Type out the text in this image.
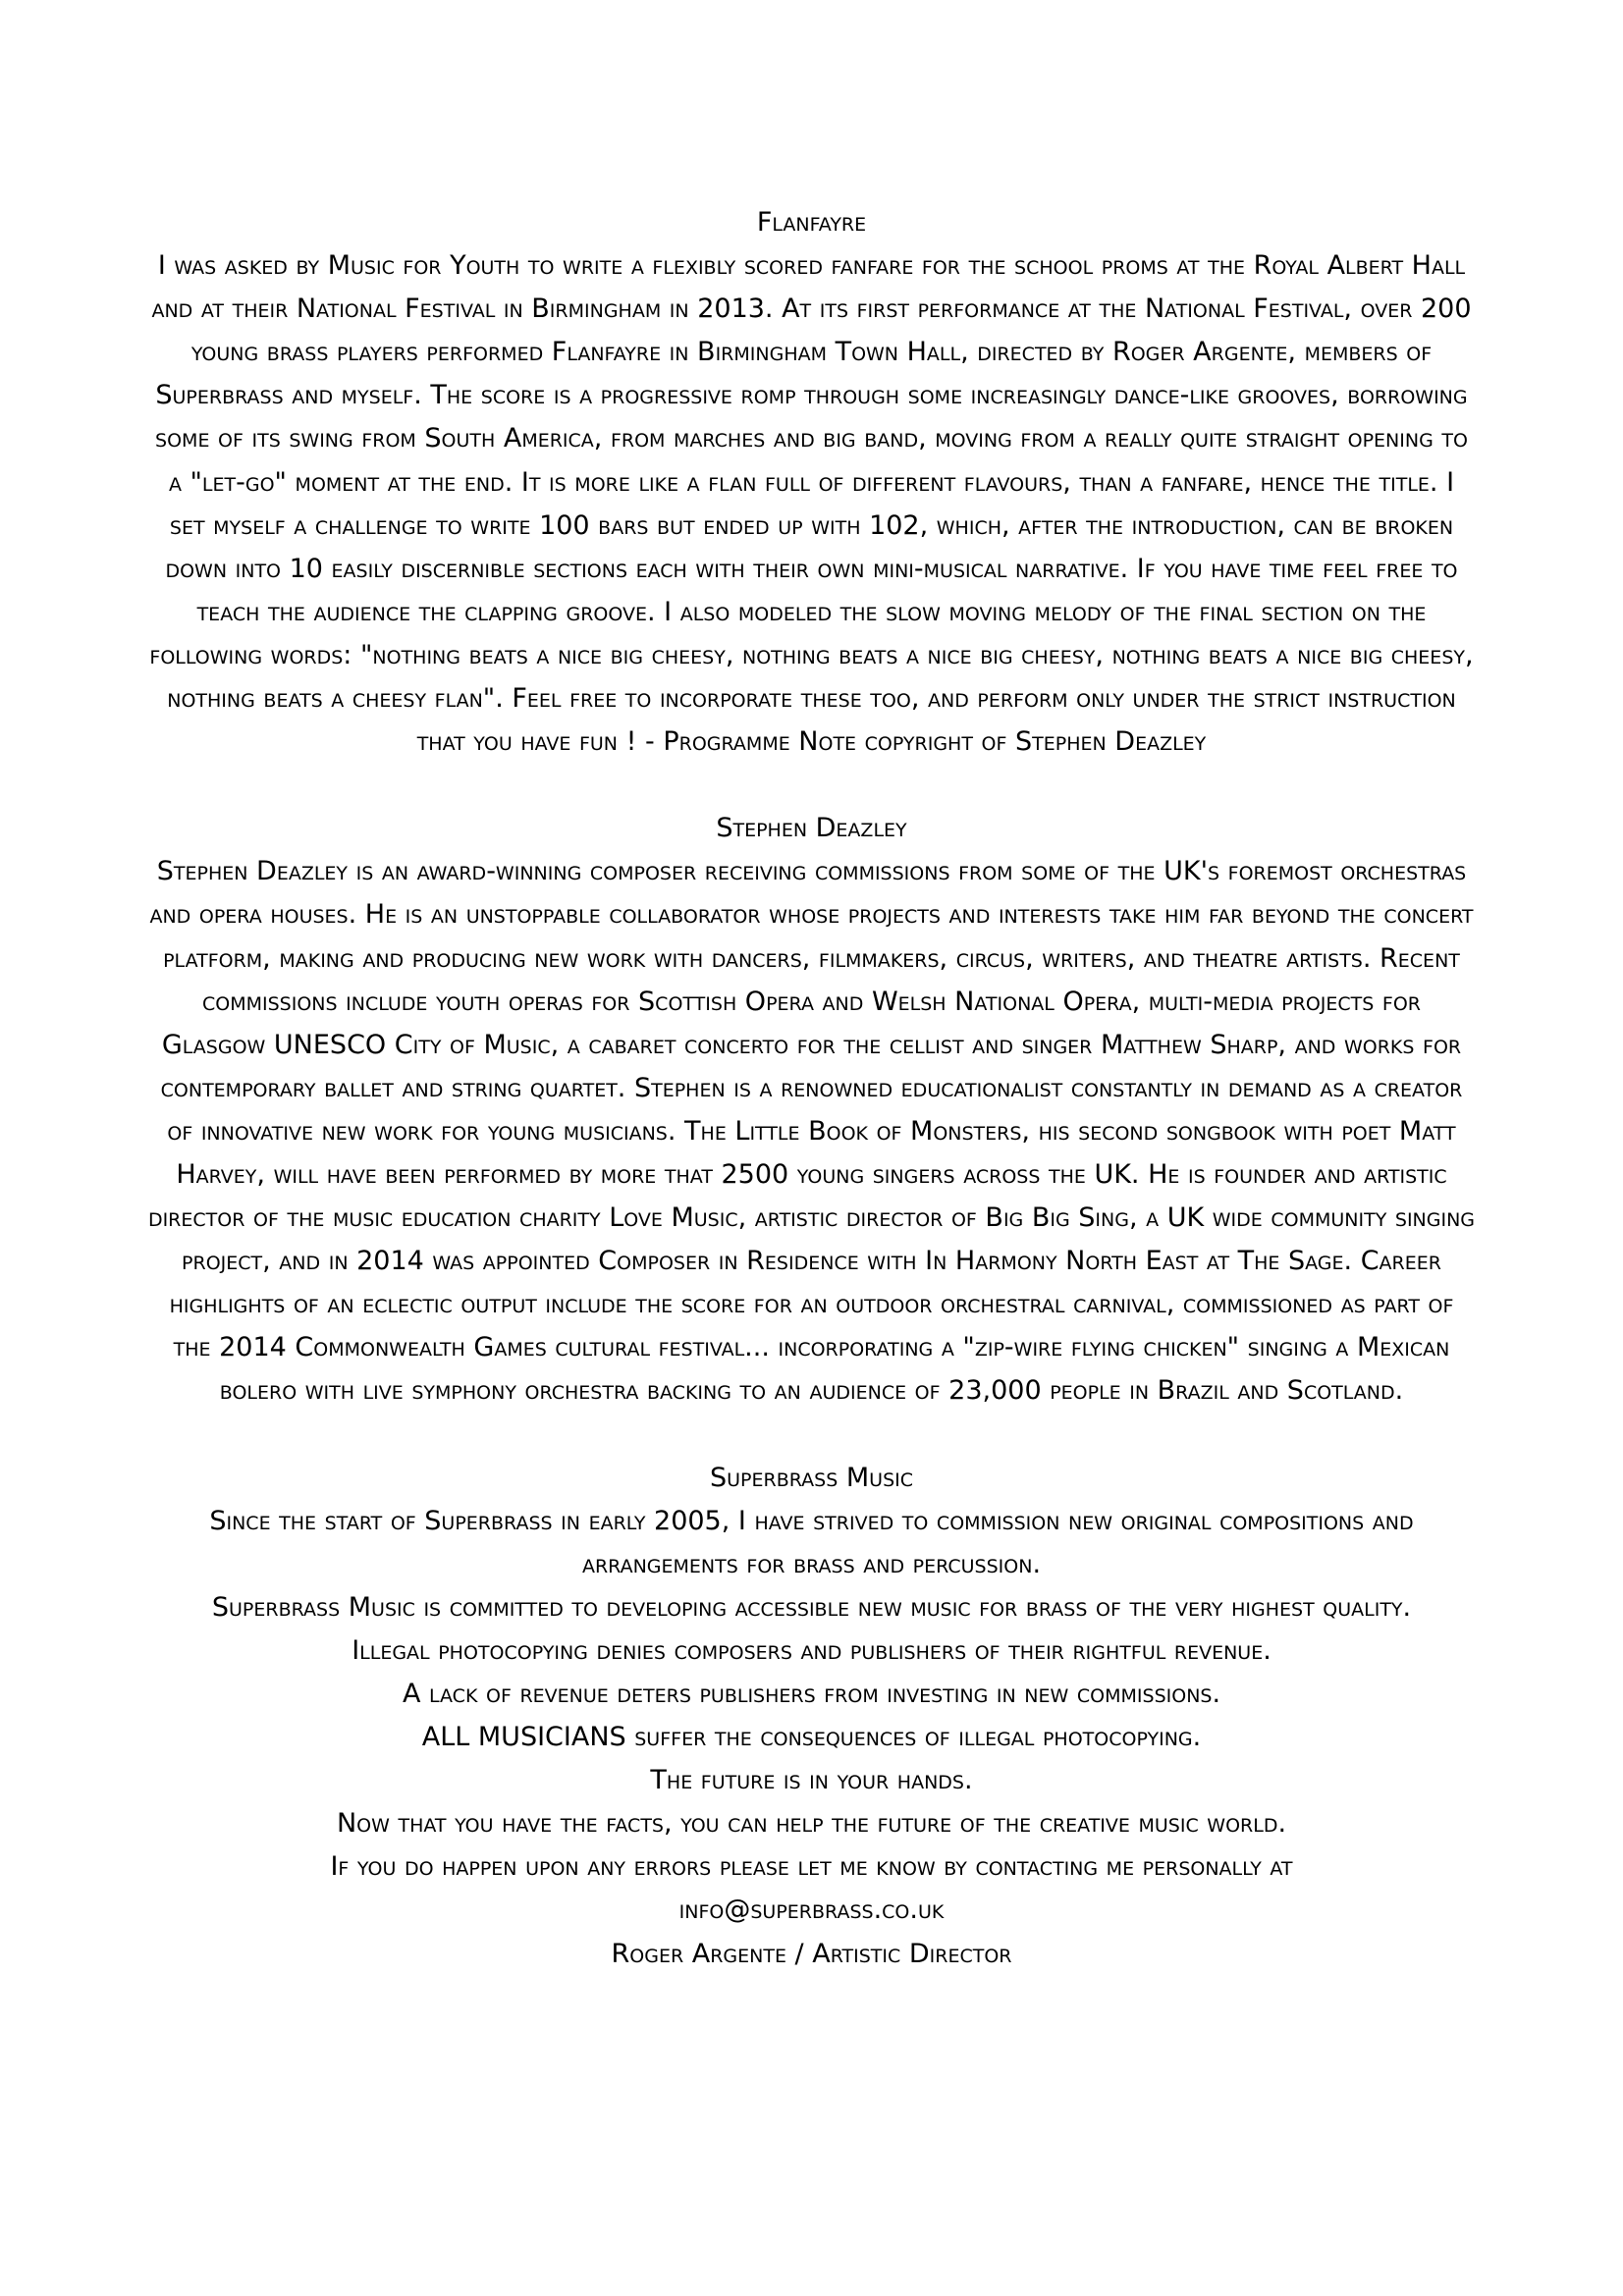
Flanfayre

I was asked by Music for Youth to write a flexibly scored fanfare for the school proms at the Royal Albert Hall and at their National Festival in Birmingham in 2013. At its first performance at the National Festival, over 200 young brass players performed Flanfayre in Birmingham Town Hall, directed by Roger Argente, members of Superbrass and myself. The score is a progressive romp through some increasingly dance-like grooves, borrowing some of its swing from South America, from marches and big band, moving from a really quite straight opening to a "let-go" moment at the end. It is more like a flan full of different flavours, than a fanfare, hence the title. I set myself a challenge to write 100 bars but ended up with 102, which, after the introduction, can be broken down into 10 easily discernible sections each with their own mini-musical narrative. If you have time feel free to teach the audience the clapping groove. I also modeled the slow moving melody of the final section on the following words: "nothing beats a nice big cheesy, nothing beats a nice big cheesy, nothing beats a nice big cheesy, nothing beats a cheesy flan". Feel free to incorporate these too, and perform only under the strict instruction that you have fun ! - Programme Note copyright of Stephen Deazley

Stephen Deazley

Stephen Deazley is an award-winning composer receiving commissions from some of the UK's foremost orchestras and opera houses. He is an unstoppable collaborator whose projects and interests take him far beyond the concert platform, making and producing new work with dancers, filmmakers, circus, writers, and theatre artists. Recent commissions include youth operas for Scottish Opera and Welsh National Opera, multi-media projects for Glasgow UNESCO City of Music, a cabaret concerto for the cellist and singer Matthew Sharp, and works for contemporary ballet and string quartet. Stephen is a renowned educationalist constantly in demand as a creator of innovative new work for young musicians. The Little Book of Monsters, his second songbook with poet Matt Harvey, will have been performed by more that 2500 young singers across the UK. He is founder and artistic director of the music education charity Love Music, artistic director of Big Big Sing, a UK wide community singing project, and in 2014 was appointed Composer in Residence with In Harmony North East at The Sage. Career highlights of an eclectic output include the score for an outdoor orchestral carnival, commissioned as part of the 2014 Commonwealth Games cultural festival... incorporating a "zip-wire flying chicken" singing a Mexican bolero with live symphony orchestra backing to an audience of 23,000 people in Brazil and Scotland.

Superbrass Music

Since the start of Superbrass in early 2005, I have strived to commission new original compositions and arrangements for brass and percussion.

Superbrass Music is committed to developing accessible new music for brass of the very highest quality.

Illegal photocopying denies composers and publishers of their rightful revenue.

A lack of revenue deters publishers from investing in new commissions.

ALL MUSICIANS suffer the consequences of illegal photocopying.

The future is in your hands.

Now that you have the facts, you can help the future of the creative music world.

If you do happen upon any errors please let me know by contacting me personally at

info@superbrass.co.uk

Roger Argente / Artistic Director
